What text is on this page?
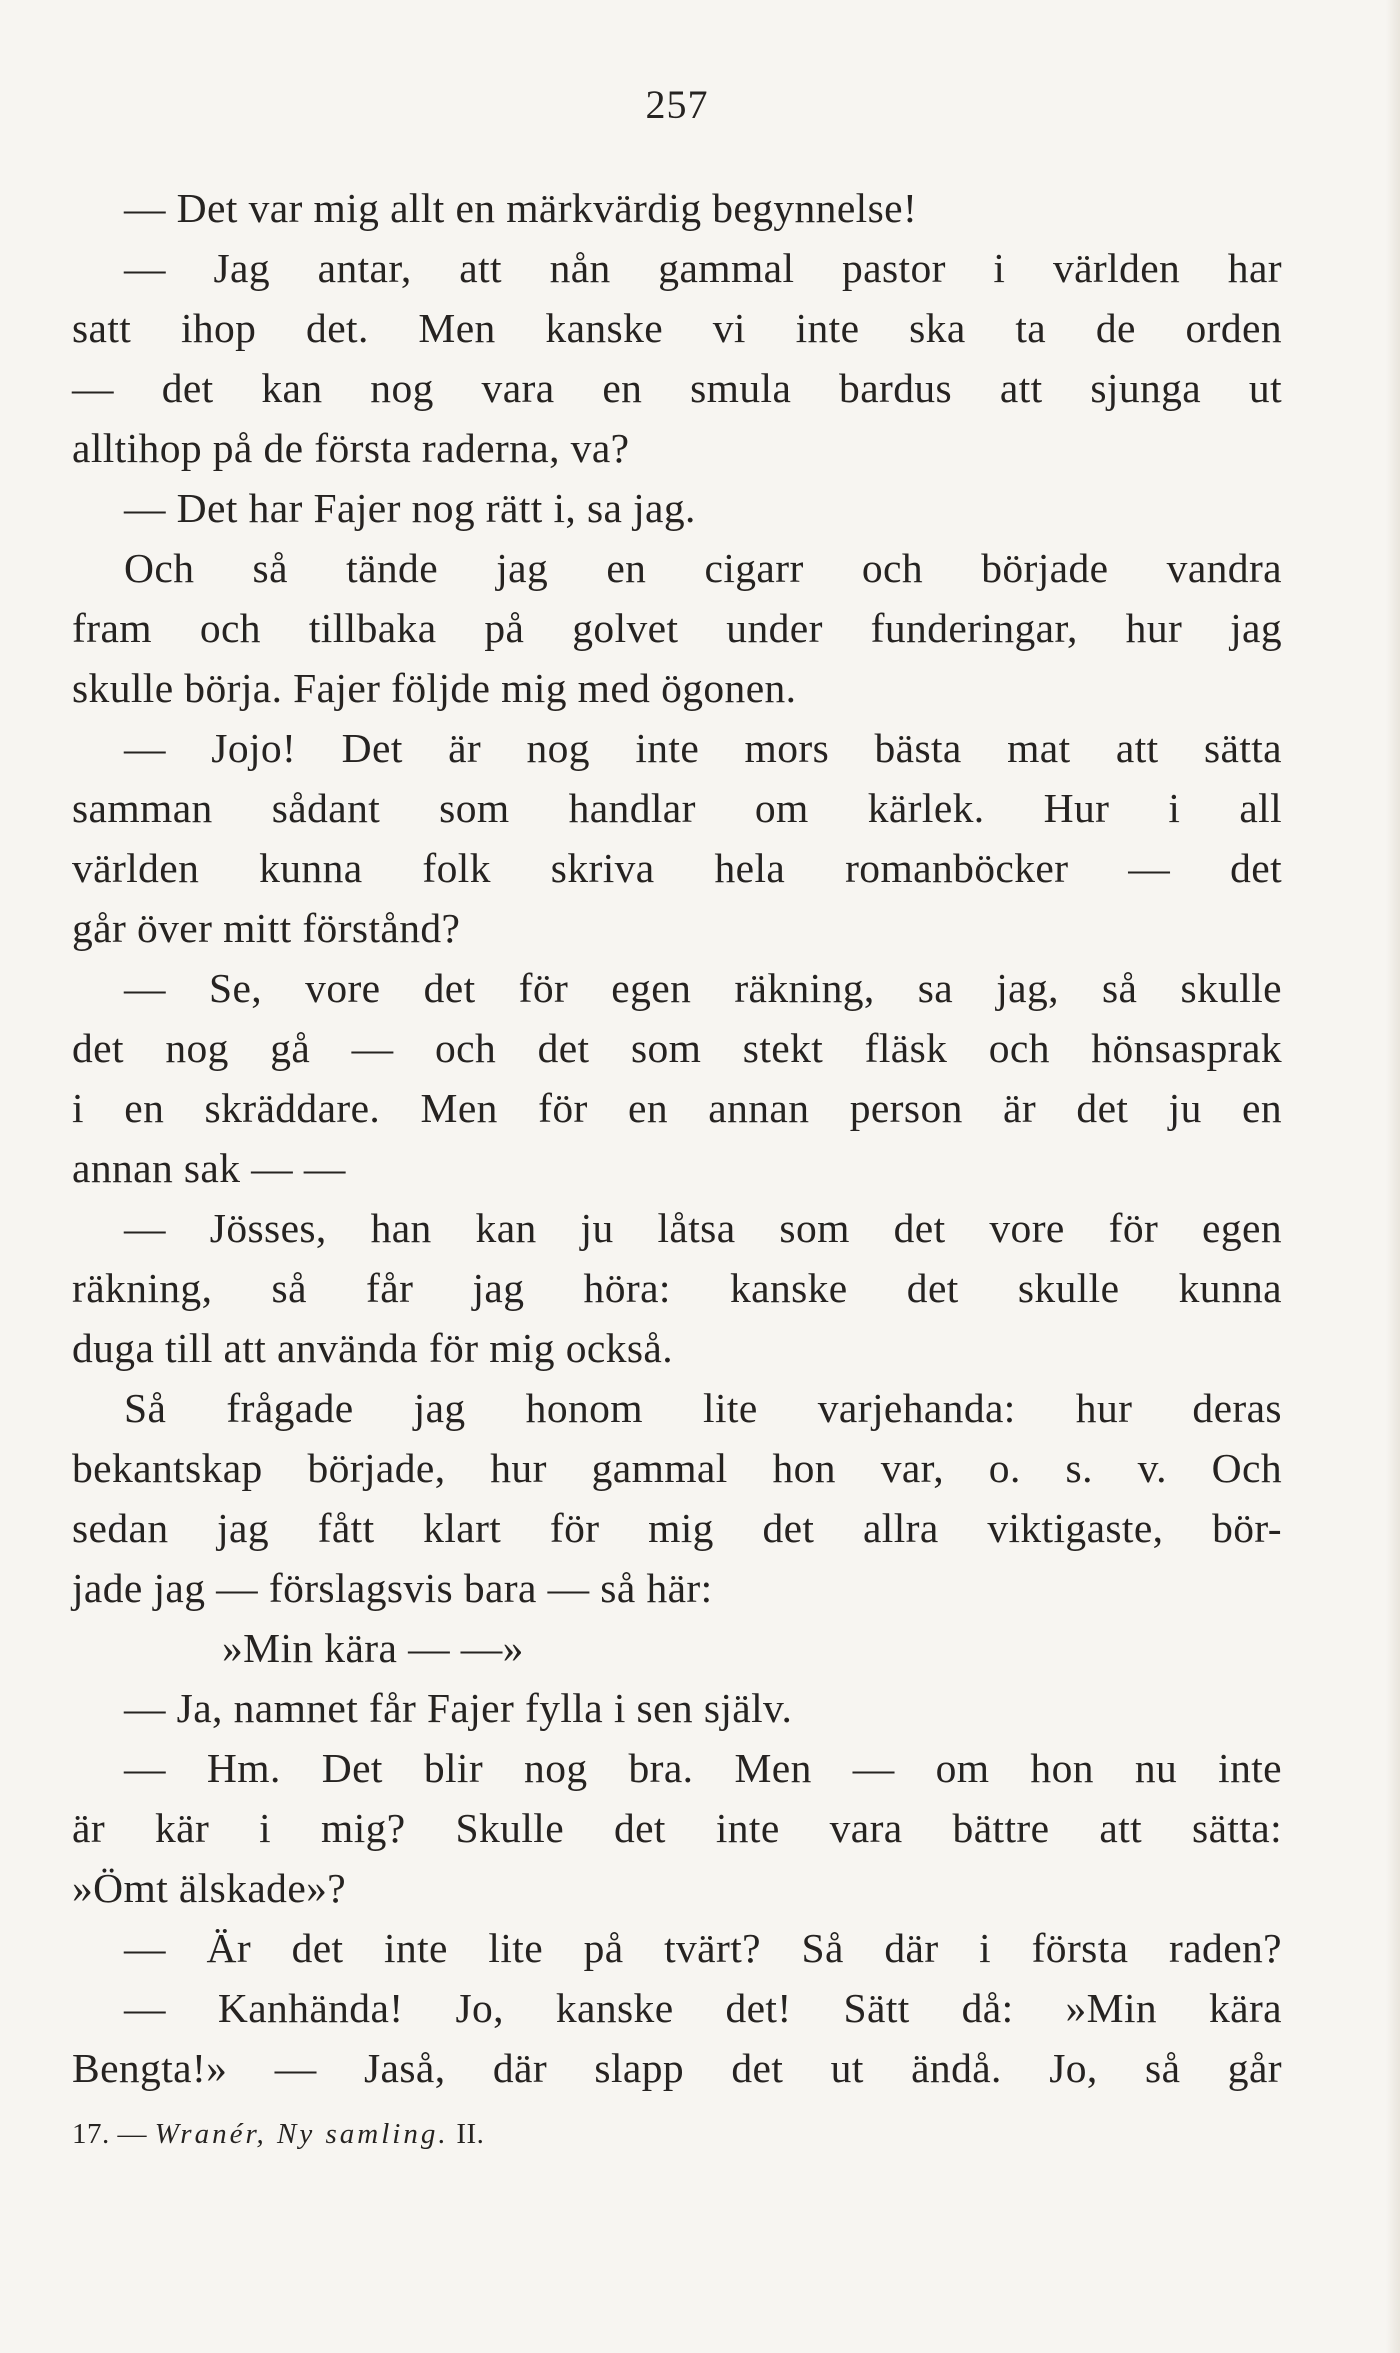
257
— Det var mig allt en märkvärdig begynnelse!
— Jag antar, att nån gammal pastor i världen har
satt ihop det. Men kanske vi inte ska ta de orden
— det kan nog vara en smula bardus att sjunga ut
alltihop på de första raderna, va?
— Det har Fajer nog rätt i, sa jag.
Och så tände jag en cigarr och började vandra
fram och tillbaka på golvet under funderingar, hur jag
skulle börja. Fajer följde mig med ögonen.
— Jojo! Det är nog inte mors bästa mat att sätta
samman sådant som handlar om kärlek. Hur i all
världen kunna folk skriva hela romanböcker — det
går över mitt förstånd?
— Se, vore det för egen räkning, sa jag, så skulle
det nog gå — och det som stekt fläsk och hönsasprak
i en skräddare. Men för en annan person är det ju en
annan sak — —
— Jösses, han kan ju låtsa som det vore för egen
räkning, så får jag höra: kanske det skulle kunna
duga till att använda för mig också.
Så frågade jag honom lite varjehanda: hur deras
bekantskap började, hur gammal hon var, o. s. v. Och
sedan jag fått klart för mig det allra viktigaste, bör-
jade jag — förslagsvis bara — så här:
»Min kära — —»
— Ja, namnet får Fajer fylla i sen själv.
— Hm. Det blir nog bra. Men — om hon nu inte
är kär i mig? Skulle det inte vara bättre att sätta:
»Ömt älskade»?
— Är det inte lite på tvärt? Så där i första raden?
— Kanhända! Jo, kanske det! Sätt då: »Min kära
Bengta!» — Jaså, där slapp det ut ändå. Jo, så går
17. — Wranér, Ny samling. II.
